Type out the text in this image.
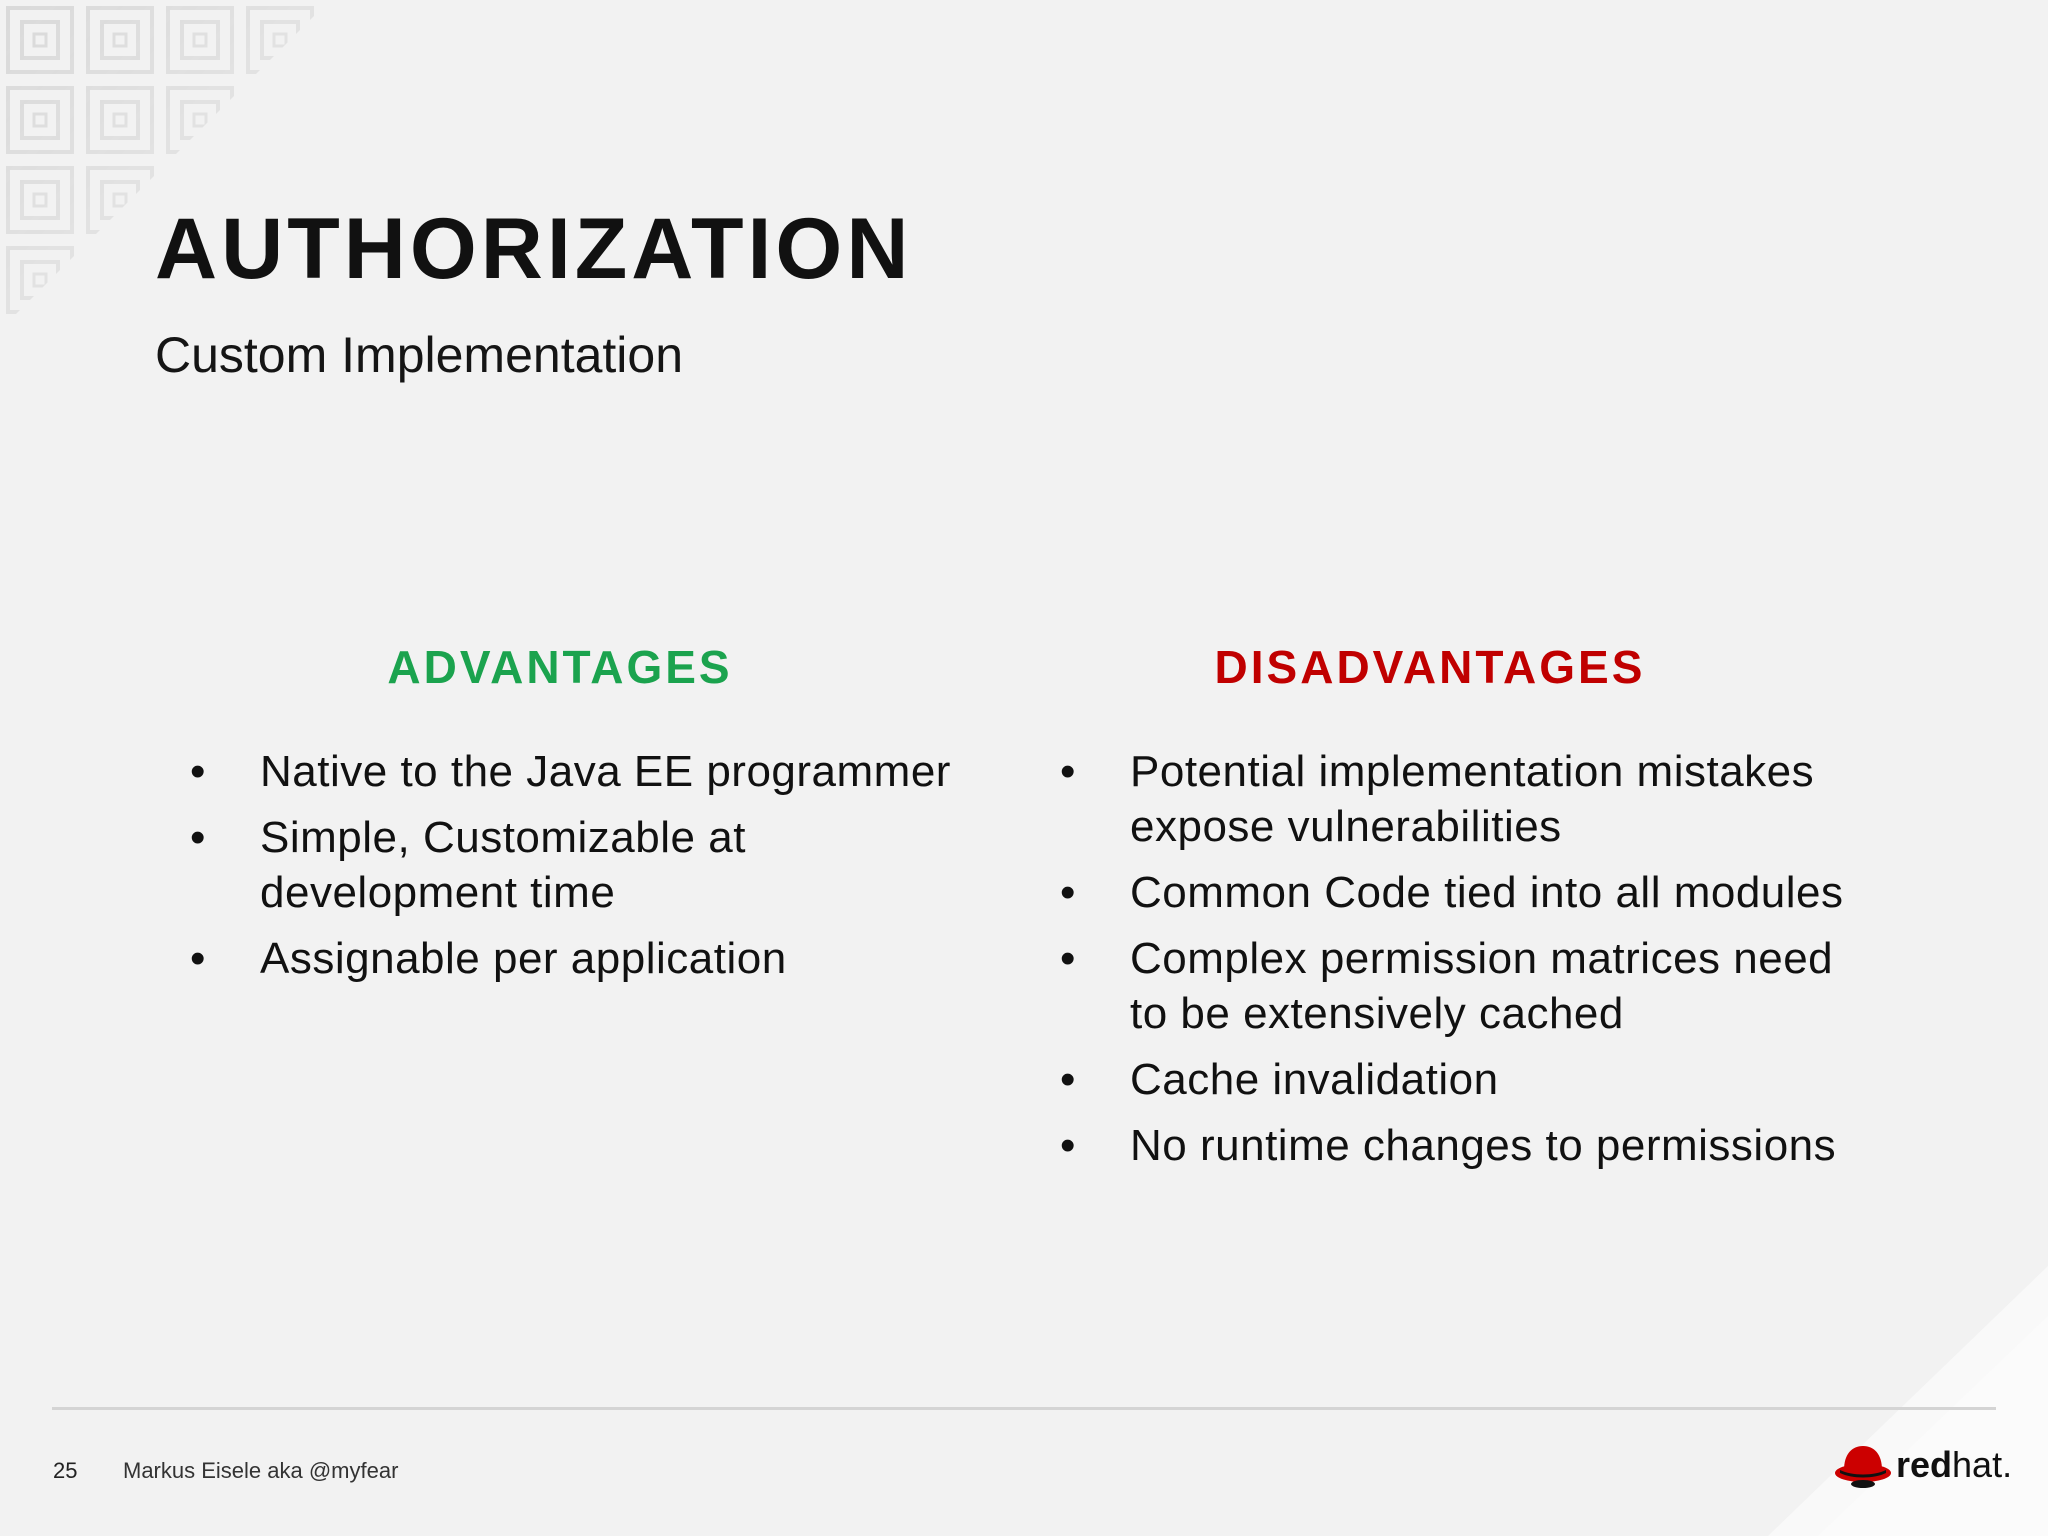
AUTHORIZATION
Custom Implementation
ADVANTAGES
•	Native to the Java EE programmer
•	Simple, Customizable at development time
•	Assignable per application
DISADVANTAGES
•	Potential implementation mistakes expose vulnerabilities
•	Common Code tied into all modules
•	Complex permission matrices need to be extensively cached
•	Cache invalidation
•	No runtime changes to permissions
25 Markus Eisele aka @myfear	redhat.
